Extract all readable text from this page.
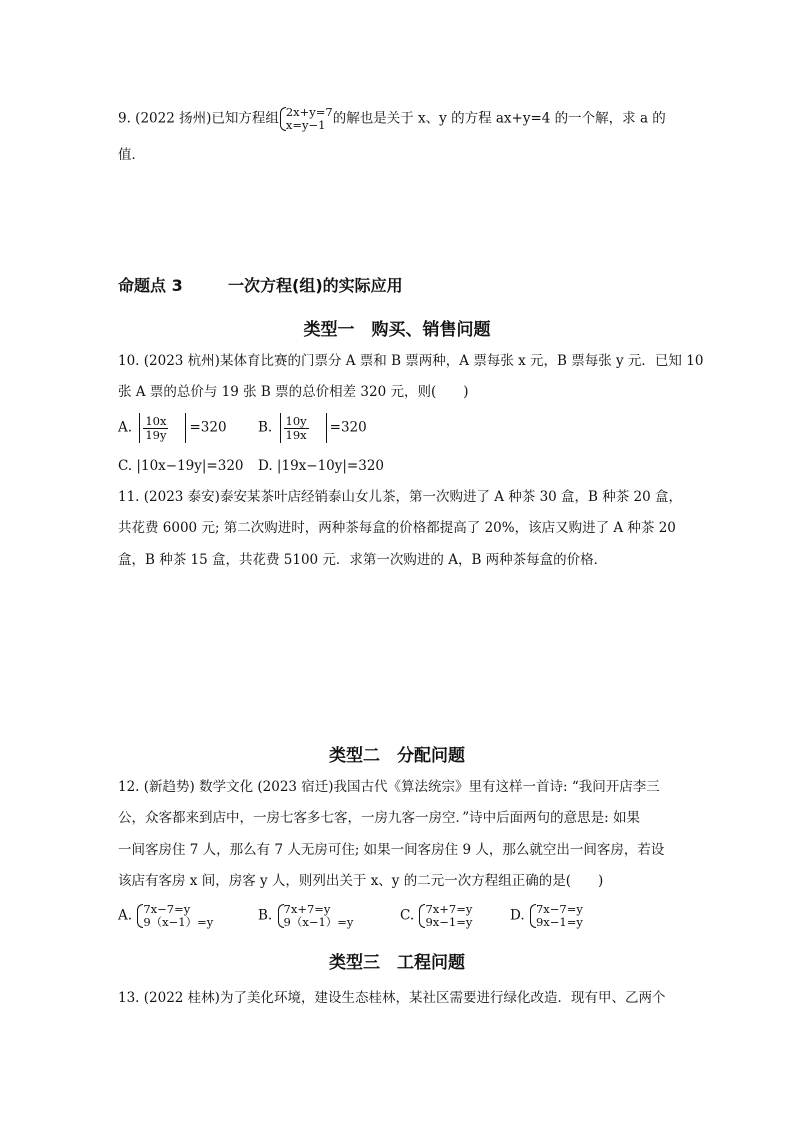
9. (2022 扬州)已知方程组 2x+y=7
x=y−1 的解也是关于 x、y 的方程 ax+y=4 的一个解，求 a 的
值．
命题点 3	一次方程(组)的实际应用
类型一　购买、销售问题
10. (2023 杭州)某体育比赛的门票分 A 票和 B 票两种，A 票每张 x 元，B 票每张 y 元．已知 10
张 A 票的总价与 19 张 B 票的总价相差 320 元，则(　　)
A. $\frac{10x}{19y} =320$ B. $\frac{10y}{19x} =320$
C. |10x−19y|=320 D. |19x−10y|=320
11. (2023 泰安)泰安某茶叶店经销泰山女儿茶，第一次购进了 A 种茶 30 盒，B 种茶 20 盒，
共花费 6000 元; 第二次购进时，两种茶每盒的价格都提高了 20%，该店又购进了 A 种茶 20
盒，B 种茶 15 盒，共花费 5100 元．求第一次购进的 A，B 两种茶每盒的价格．
类型二　分配问题
12. (新趋势) 数学文化 (2023 宿迁)我国古代《算法统宗》里有这样一首诗: “我问开店李三
公，众客都来到店中，一房七客多七客，一房九客一房空．”诗中后面两句的意思是: 如果
一间客房住 7 人，那么有 7 人无房可住; 如果一间客房住 9 人，那么就空出一间客房，若设
该店有客房 x 间，房客 y 人，则列出关于 x、y 的二元一次方程组正确的是(　　)
A. 7x−7=y
9（x−1）=y	B. 7x+7=y
9（x−1）=y	C. 7x+7=y
9x−1=y	D. 7x−7=y
9x−1=y
类型三　工程问题
13. (2022 桂林)为了美化环境，建设生态桂林，某社区需要进行绿化改造．现有甲、乙两个
